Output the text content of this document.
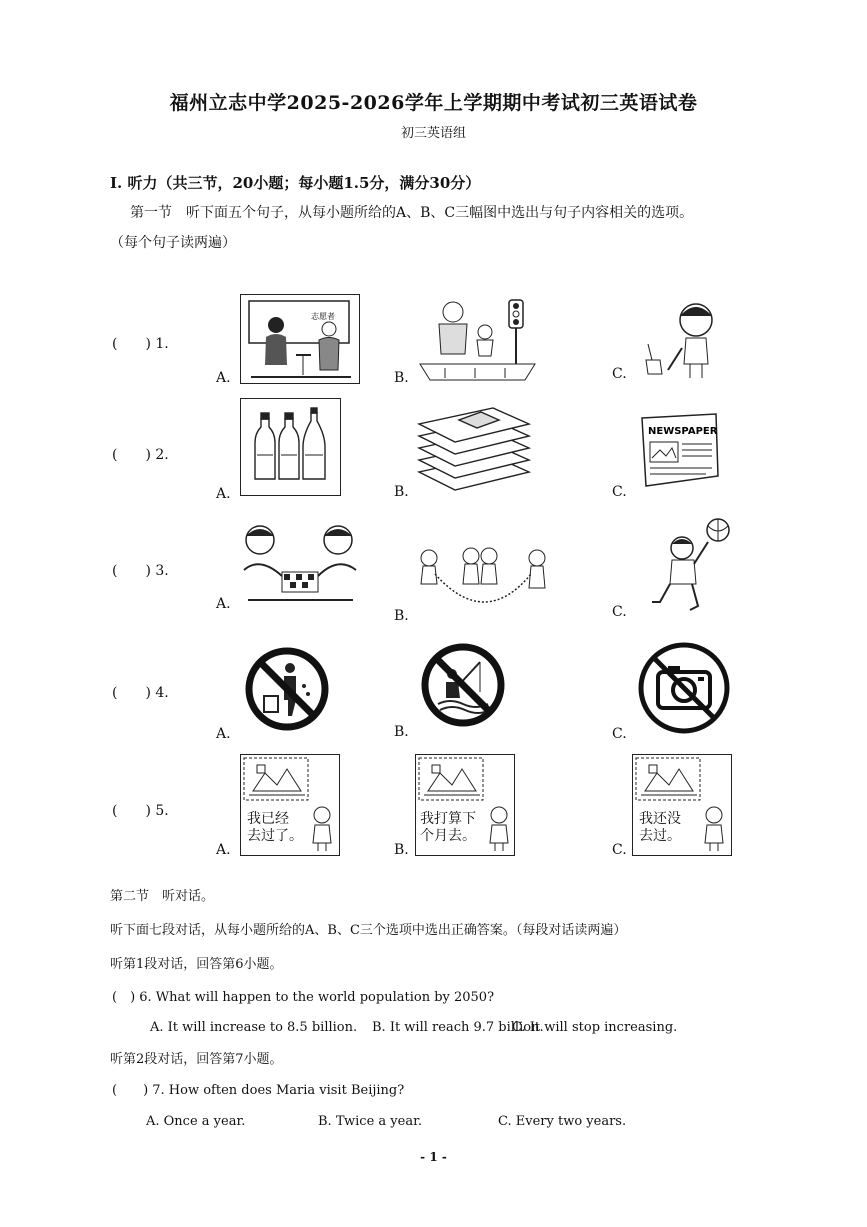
福州立志中学2025-2026学年上学期期中考试初三英语试卷
初三英语组
I. 听力（共三节，20小题；每小题1.5分，满分30分）
第一节　听下面五个句子，从每小题所给的A、B、C三幅图中选出与句子内容相关的选项。
（每个句子读两遍）
(　　) 1.
A.
志愿者
B.	C.
(　　) 2.
A.	B.	C.
NEWSPAPER
(　　) 3.
A.
B.	C.
(　　) 4.
A.	B.	C.
(　　) 5.
A.
我已经
去过了。
B.
我打算下
个月去。
C.
我还没
去过。
第二节　听对话。
听下面七段对话，从每小题所给的A、B、C三个选项中选出正确答案。（每段对话读两遍）
听第1段对话，回答第6小题。
(　) 6. What will happen to the world population by 2050?
A. It will increase to 8.5 billion. B. It will reach 9.7 billion.
C. It will stop increasing.
听第2段对话，回答第7小题。
(　　) 7. How often does Maria visit Beijing?
A. Once a year.	B. Twice a year.	C. Every two years.
- 1 -
